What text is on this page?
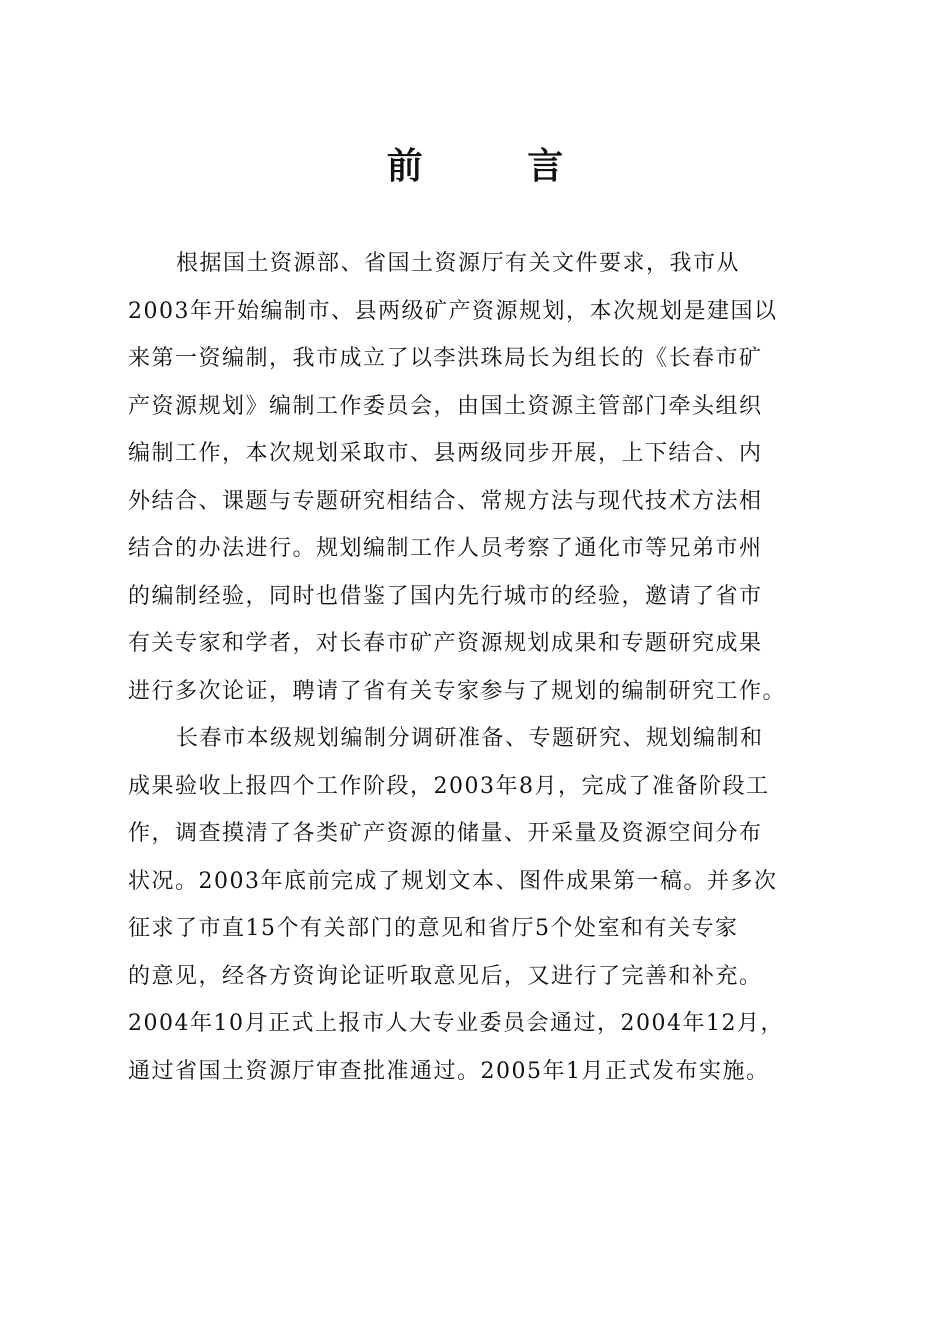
前 言

根据国土资源部、省国土资源厅有关文件要求，我市从
2003年开始编制市、县两级矿产资源规划，本次规划是建国以
来第一资编制，我市成立了以李洪珠局长为组长的《长春市矿
产资源规划》编制工作委员会，由国土资源主管部门牵头组织
编制工作，本次规划采取市、县两级同步开展，上下结合、内
外结合、课题与专题研究相结合、常规方法与现代技术方法相
结合的办法进行。规划编制工作人员考察了通化市等兄弟市州
的编制经验，同时也借鉴了国内先行城市的经验，邀请了省市
有关专家和学者，对长春市矿产资源规划成果和专题研究成果
进行多次论证，聘请了省有关专家参与了规划的编制研究工作。

长春市本级规划编制分调研准备、专题研究、规划编制和
成果验收上报四个工作阶段，2003年8月，完成了准备阶段工
作，调查摸清了各类矿产资源的储量、开采量及资源空间分布
状况。2003年底前完成了规划文本、图件成果第一稿。并多次
征求了市直15个有关部门的意见和省厅5个处室和有关专家
的意见，经各方资询论证听取意见后，又进行了完善和补充。
2004年10月正式上报市人大专业委员会通过，2004年12月，
通过省国土资源厅审查批准通过。2005年1月正式发布实施。
